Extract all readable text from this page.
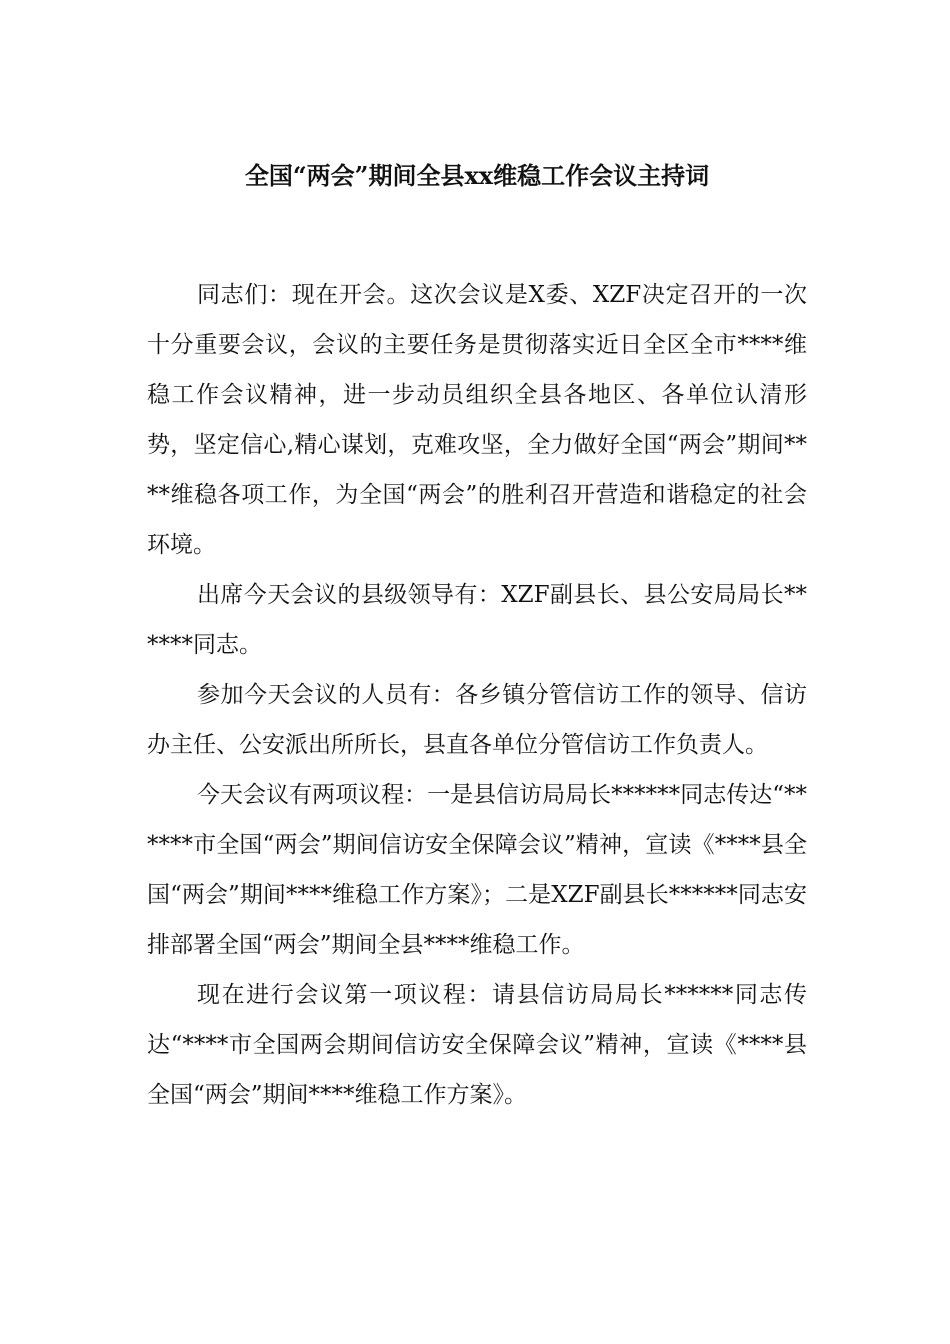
全国“两会”期间全县xx维稳工作会议主持词

同志们：现在开会。这次会议是X委、XZF决定召开的一次十分重要会议，会议的主要任务是贯彻落实近日全区全市****维稳工作会议精神，进一步动员组织全县各地区、各单位认清形势，坚定信心,精心谋划，克难攻坚，全力做好全国“两会”期间****维稳各项工作，为全国“两会”的胜利召开营造和谐稳定的社会环境。

出席今天会议的县级领导有：XZF副县长、县公安局局长******同志。

参加今天会议的人员有：各乡镇分管信访工作的领导、信访办主任、公安派出所所长，县直各单位分管信访工作负责人。

今天会议有两项议程：一是县信访局局长******同志传达“******市全国“两会”期间信访安全保障会议”精神，宣读《****县全国“两会”期间****维稳工作方案》；二是XZF副县长******同志安排部署全国“两会”期间全县****维稳工作。

现在进行会议第一项议程：请县信访局局长******同志传达“****市全国两会期间信访安全保障会议”精神，宣读《****县全国“两会”期间****维稳工作方案》。
